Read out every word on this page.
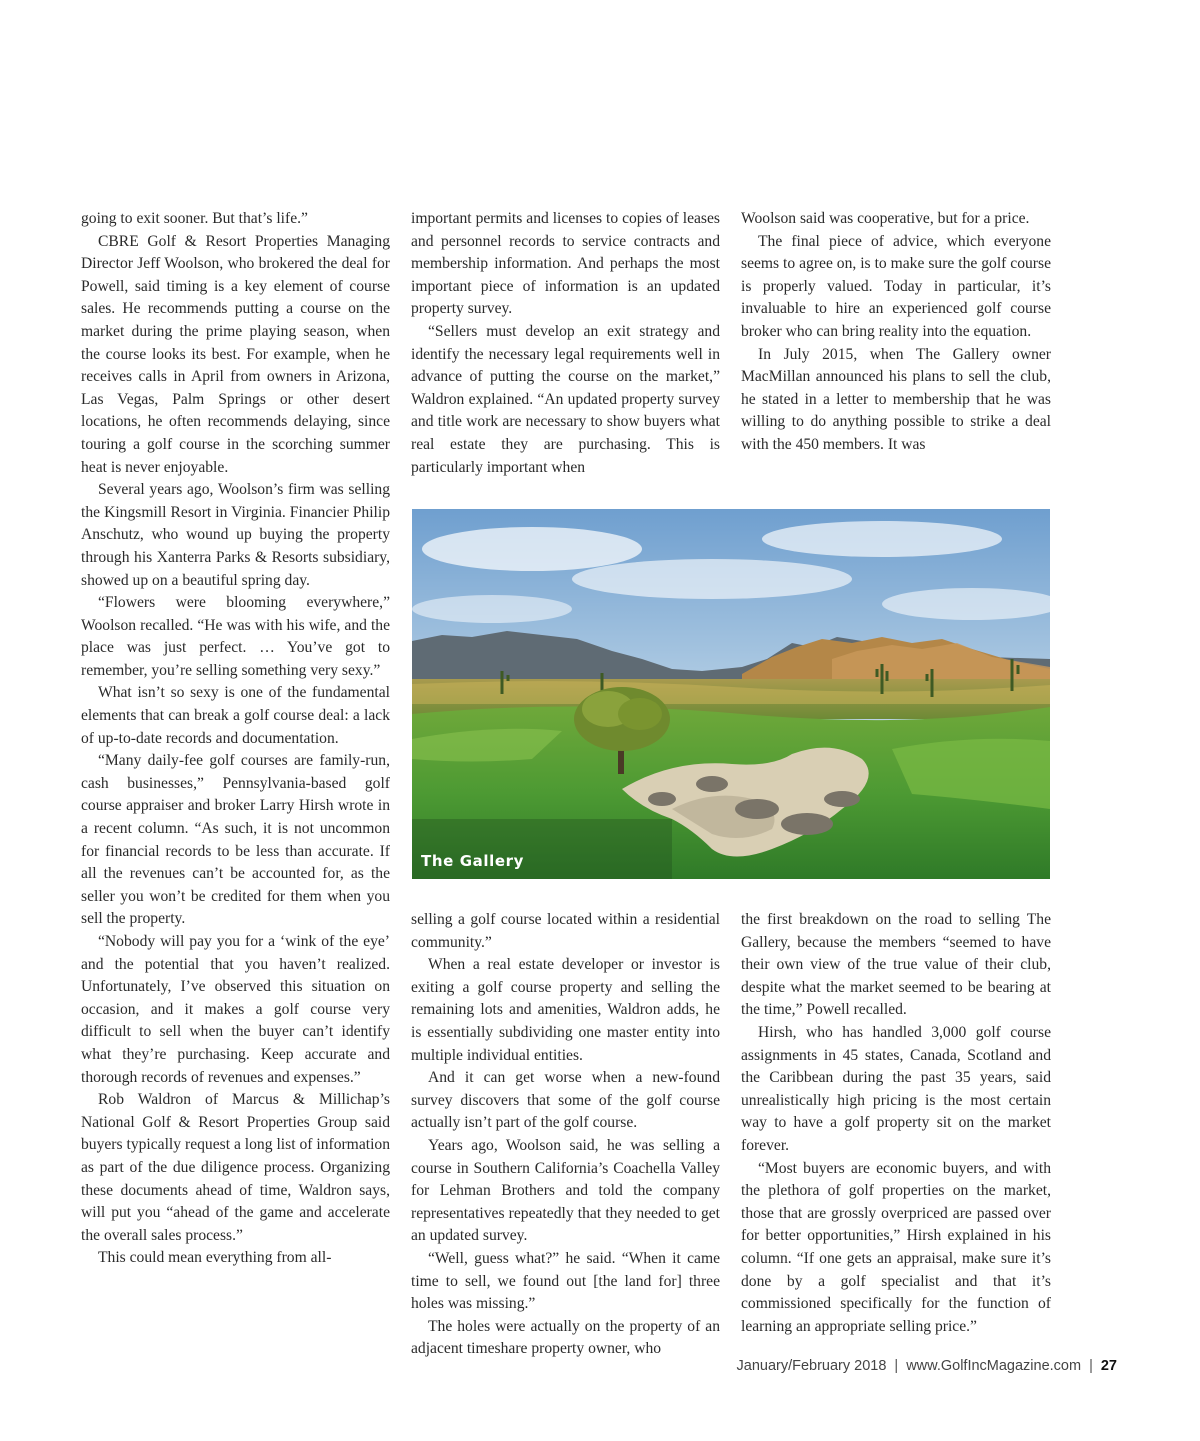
going to exit sooner. But that’s life.”

CBRE Golf & Resort Properties Managing Director Jeff Woolson, who brokered the deal for Powell, said timing is a key element of course sales. He recommends putting a course on the market during the prime playing season, when the course looks its best. For example, when he receives calls in April from owners in Arizona, Las Vegas, Palm Springs or other desert locations, he often recommends delaying, since touring a golf course in the scorching summer heat is never enjoyable.

Several years ago, Woolson’s firm was selling the Kingsmill Resort in Virginia. Financier Philip Anschutz, who wound up buying the property through his Xanterra Parks & Resorts subsidiary, showed up on a beautiful spring day.

“Flowers were blooming everywhere,” Woolson recalled. “He was with his wife, and the place was just perfect. … You’ve got to remember, you’re selling something very sexy.”

What isn’t so sexy is one of the fundamental elements that can break a golf course deal: a lack of up-to-date records and documentation.

“Many daily-fee golf courses are family-run, cash businesses,” Pennsylvania-based golf course appraiser and broker Larry Hirsh wrote in a recent column. “As such, it is not uncommon for financial records to be less than accurate. If all the revenues can’t be accounted for, as the seller you won’t be credited for them when you sell the property.

“Nobody will pay you for a ‘wink of the eye’ and the potential that you haven’t realized. Unfortunately, I’ve observed this situation on occasion, and it makes a golf course very difficult to sell when the buyer can’t identify what they’re purchasing. Keep accurate and thorough records of revenues and expenses.”

Rob Waldron of Marcus & Millichap’s National Golf & Resort Properties Group said buyers typically request a long list of information as part of the due diligence process. Organizing these documents ahead of time, Waldron says, will put you “ahead of the game and accelerate the overall sales process.”

This could mean everything from all-

important permits and licenses to copies of leases and personnel records to service contracts and membership information. And perhaps the most important piece of information is an updated property survey.

“Sellers must develop an exit strategy and identify the necessary legal requirements well in advance of putting the course on the market,” Waldron explained. “An updated property survey and title work are necessary to show buyers what real estate they are purchasing. This is particularly important when

Woolson said was cooperative, but for a price.

The final piece of advice, which everyone seems to agree on, is to make sure the golf course is properly valued. Today in particular, it’s invaluable to hire an experienced golf course broker who can bring reality into the equation.

In July 2015, when The Gallery owner MacMillan announced his plans to sell the club, he stated in a letter to membership that he was willing to do anything possible to strike a deal with the 450 members. It was

The Gallery

selling a golf course located within a residential community.”

When a real estate developer or investor is exiting a golf course property and selling the remaining lots and amenities, Waldron adds, he is essentially subdividing one master entity into multiple individual entities.

And it can get worse when a new-found survey discovers that some of the golf course actually isn’t part of the golf course.

Years ago, Woolson said, he was selling a course in Southern California’s Coachella Valley for Lehman Brothers and told the company representatives repeatedly that they needed to get an updated survey.

“Well, guess what?” he said. “When it came time to sell, we found out [the land for] three holes was missing.”

The holes were actually on the property of an adjacent timeshare property owner, who

the first breakdown on the road to selling The Gallery, because the members “seemed to have their own view of the true value of their club, despite what the market seemed to be bearing at the time,” Powell recalled.

Hirsh, who has handled 3,000 golf course assignments in 45 states, Canada, Scotland and the Caribbean during the past 35 years, said unrealistically high pricing is the most certain way to have a golf property sit on the market forever.

“Most buyers are economic buyers, and with the plethora of golf properties on the market, those that are grossly overpriced are passed over for better opportunities,” Hirsh explained in his column. “If one gets an appraisal, make sure it’s done by a golf specialist and that it’s commissioned specifically for the function of learning an appropriate selling price.”

January/February 2018 | www.GolfIncMagazine.com | 27
